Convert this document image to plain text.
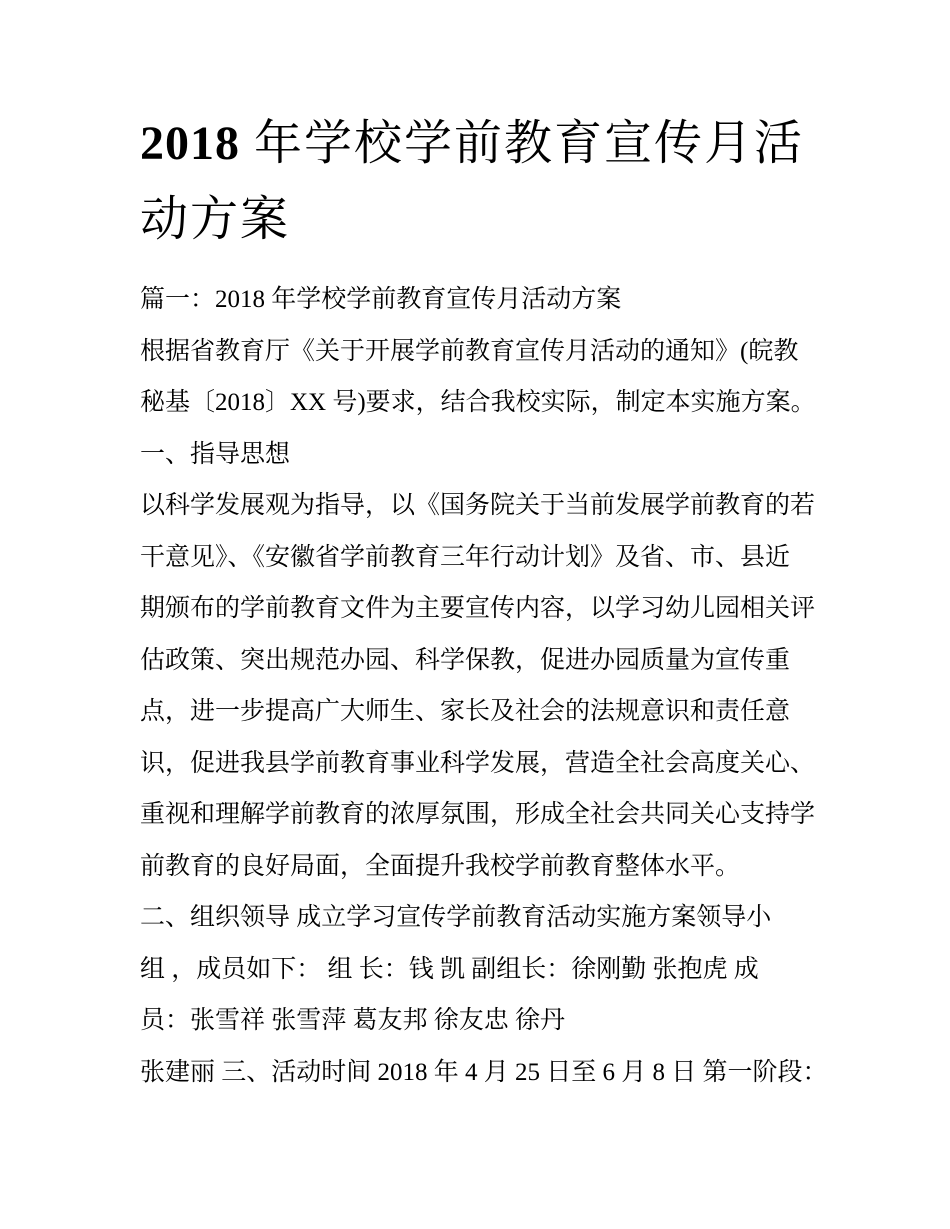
2018 年学校学前教育宣传月活动方案
篇一：2018 年学校学前教育宣传月活动方案
根据省教育厅《关于开展学前教育宣传月活动的通知》(皖教
秘基〔2018〕XX 号)要求，结合我校实际，制定本实施方案。
一、指导思想
以科学发展观为指导，以《国务院关于当前发展学前教育的若
干意见》、《安徽省学前教育三年行动计划》及省、市、县近
期颁布的学前教育文件为主要宣传内容，以学习幼儿园相关评
估政策、突出规范办园、科学保教，促进办园质量为宣传重
点，进一步提高广大师生、家长及社会的法规意识和责任意
识，促进我县学前教育事业科学发展，营造全社会高度关心、
重视和理解学前教育的浓厚氛围，形成全社会共同关心支持学
前教育的良好局面，全面提升我校学前教育整体水平。
二、组织领导 成立学习宣传学前教育活动实施方案领导小
组 ，成员如下： 组 长：钱 凯 副组长：徐刚勤 张抱虎 成
员：张雪祥 张雪萍 葛友邦 徐友忠 徐丹
张建丽 三、活动时间 2018 年 4 月 25 日至 6 月 8 日 第一阶段：
